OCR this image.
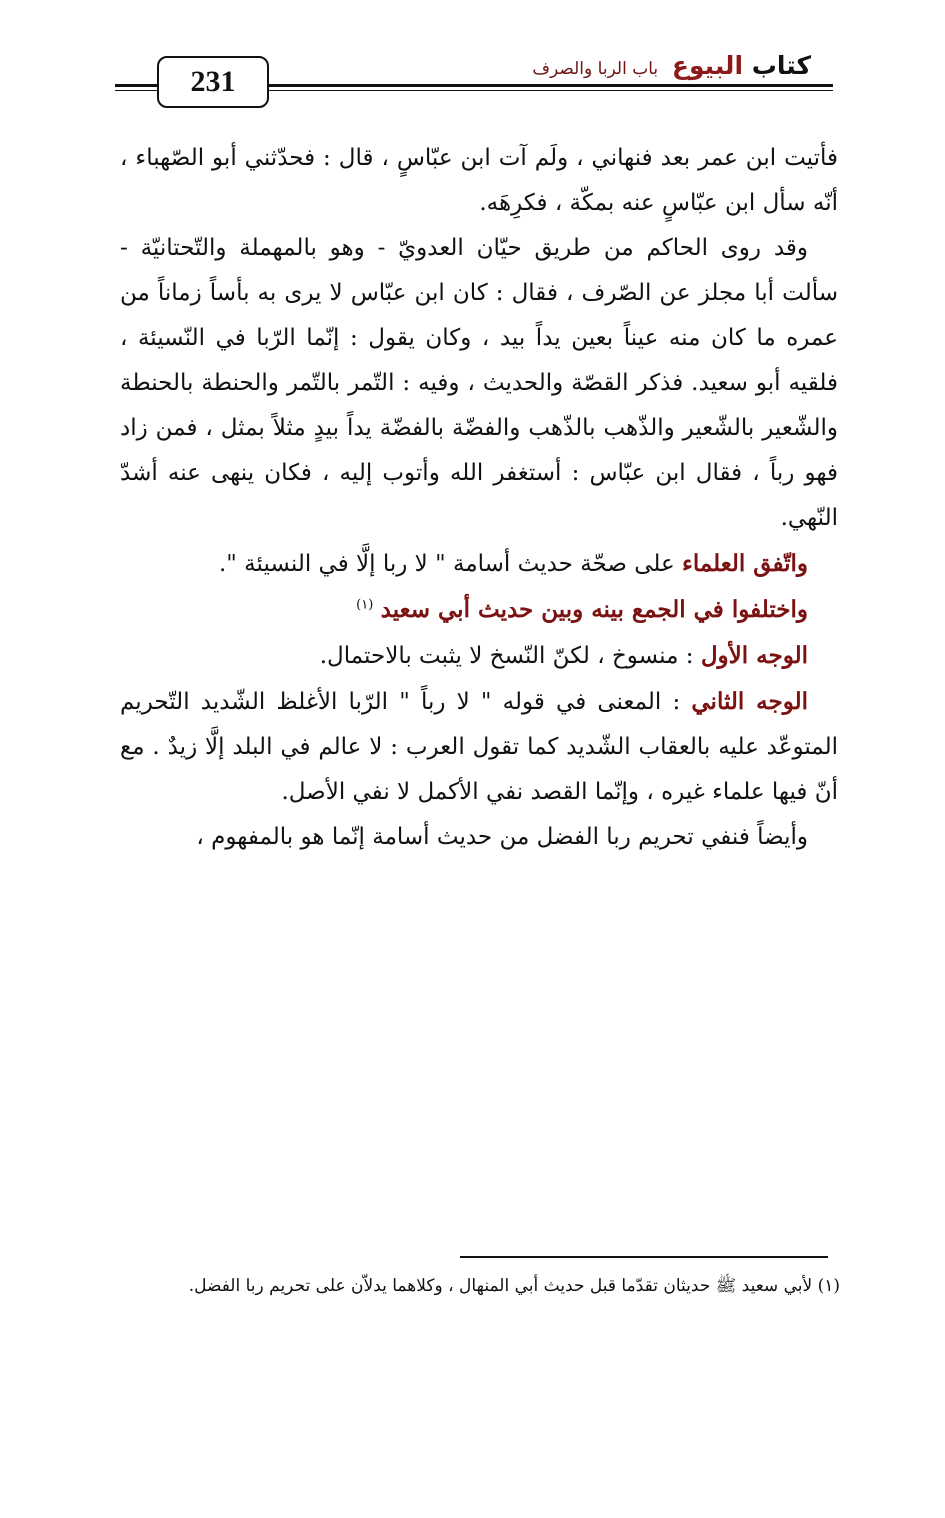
231	كتاب البيوع باب الربا والصرف

فأتيت ابن عمر بعد فنهاني ، ولَم آت ابن عبّاسٍ ، قال : فحدّثني أبو الصّهباء ، أنّه سأل ابن عبّاسٍ عنه بمكّة ، فكرِهَه.

وقد روى الحاكم من طريق حيّان العدويّ - وهو بالمهملة والتّحتانيّة - سألت أبا مجلز عن الصّرف ، فقال : كان ابن عبّاس لا يرى به بأساً زماناً من عمره ما كان منه عيناً بعين يداً بيد ، وكان يقول : إنّما الرّبا في النّسيئة ، فلقيه أبو سعيد. فذكر القصّة والحديث ، وفيه : التّمر بالتّمر والحنطة بالحنطة والشّعير بالشّعير والذّهب بالذّهب والفضّة بالفضّة يداً بيدٍ مثلاً بمثل ، فمن زاد فهو رباً ، فقال ابن عبّاس : أستغفر الله وأتوب إليه ، فكان ينهى عنه أشدّ النّهي.

واتّفق العلماء على صحّة حديث أسامة " لا ربا إلَّا في النسيئة ".

واختلفوا في الجمع بينه وبين حديث أبي سعيد $^{(١)}$

الوجه الأول : منسوخ ، لكنّ النّسخ لا يثبت بالاحتمال.

الوجه الثاني : المعنى في قوله " لا رباً " الرّبا الأغلظ الشّديد التّحريم المتوعّد عليه بالعقاب الشّديد كما تقول العرب : لا عالم في البلد إلَّا زيدٌ . مع أنّ فيها علماء غيره ، وإنّما القصد نفي الأكمل لا نفي الأصل.

وأيضاً فنفي تحريم ربا الفضل من حديث أسامة إنّما هو بالمفهوم ،

(١) لأبي سعيد ﷺ حديثان تقدّما قبل حديث أبي المنهال ، وكلاهما يدلاّن على تحريم ربا الفضل.
